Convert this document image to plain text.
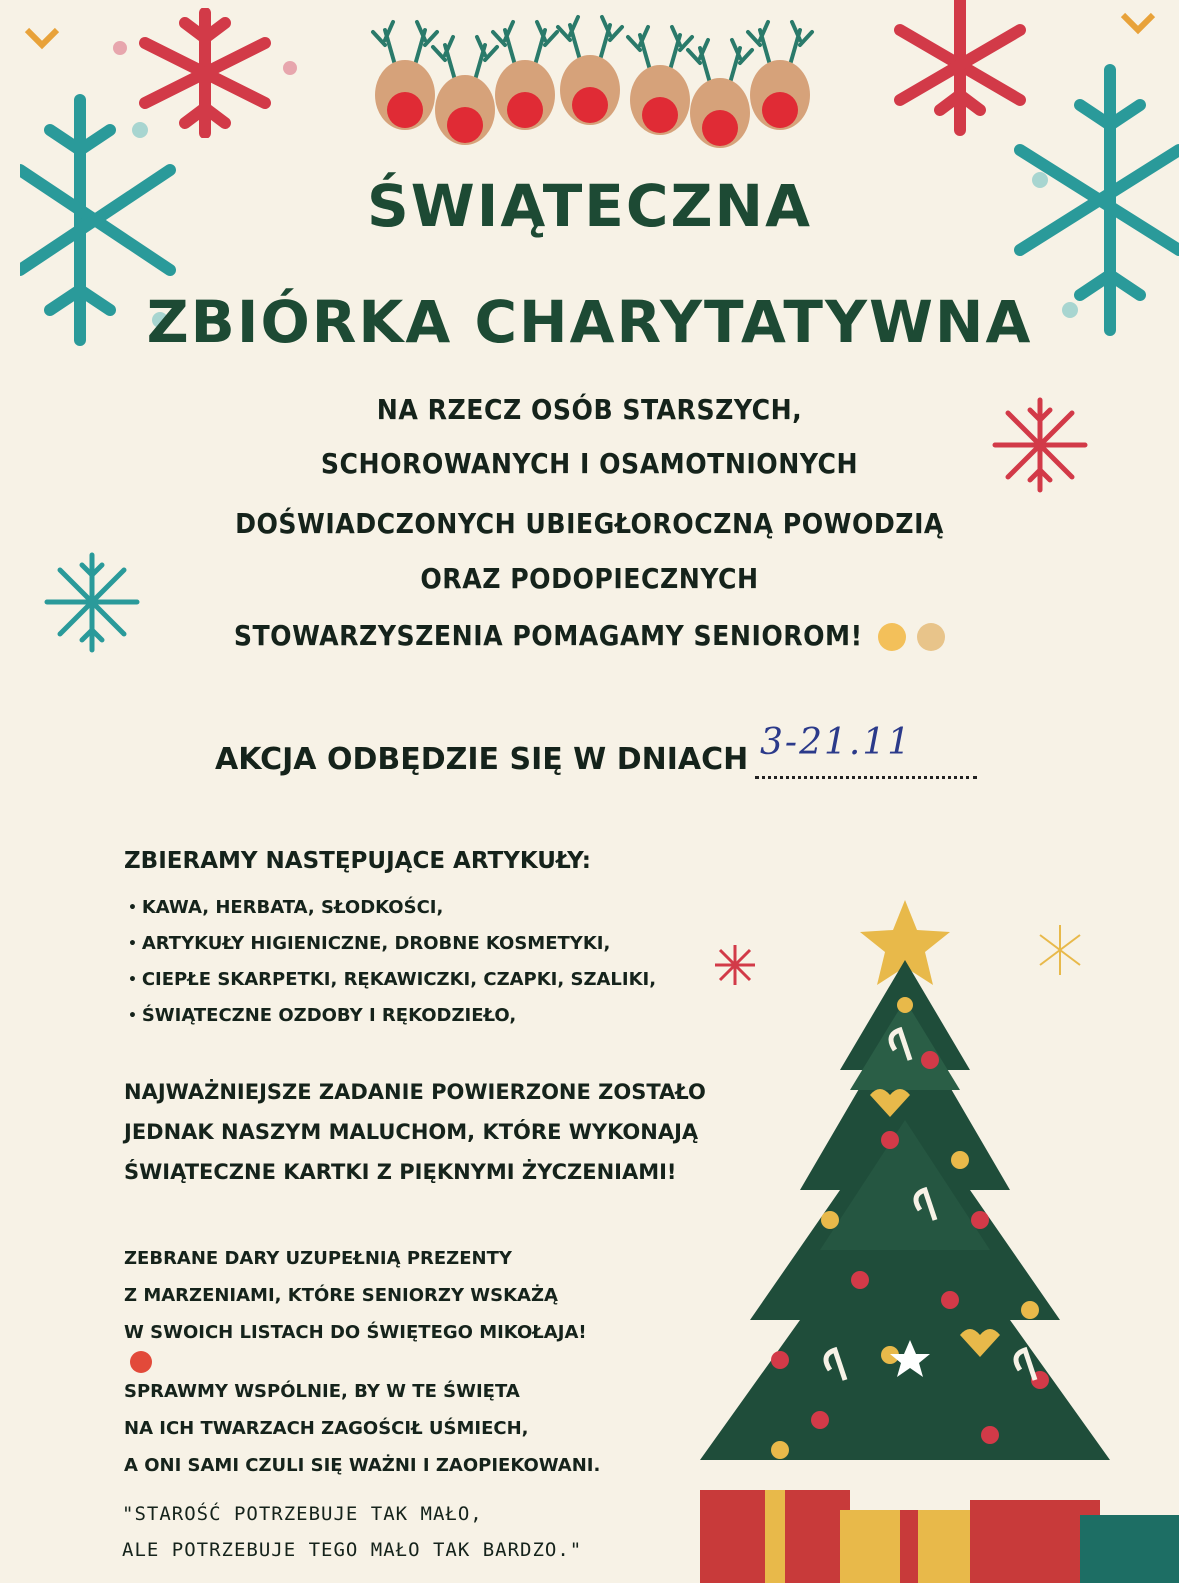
ŚWIĄTECZNA
ZBIÓRKA CHARYTATYWNA
NA RZECZ OSÓB STARSZYCH,
SCHOROWANYCH I OSAMOTNIONYCH
DOŚWIADCZONYCH UBIEGŁOROCZNĄ POWODZIĄ
ORAZ PODOPIECZNYCH
STOWARZYSZENIA POMAGAMY SENIOROM!
AKCJA ODBĘDZIE SIĘ W DNIACH 3-21.11
ZBIERAMY NASTĘPUJĄCE ARTYKUŁY:
• KAWA, HERBATA, SŁODKOŚCI,
• ARTYKUŁY HIGIENICZNE, DROBNE KOSMETYKI,
• CIEPŁE SKARPETKI, RĘKAWICZKI, CZAPKI, SZALIKI,
• ŚWIĄTECZNE OZDOBY I RĘKODZIEŁO,
NAJWAŻNIEJSZE ZADANIE POWIERZONE ZOSTAŁO
JEDNAK NASZYM MALUCHOM, KTÓRE WYKONAJĄ
ŚWIĄTECZNE KARTKI Z PIĘKNYMI ŻYCZENIAMI!
ZEBRANE DARY UZUPEŁNIĄ PREZENTY
Z MARZENIAMI, KTÓRE SENIORZY WSKAŻĄ
W SWOICH LISTACH DO ŚWIĘTEGO MIKOŁAJA!
SPRAWMY WSPÓLNIE, BY W TE ŚWIĘTA
NA ICH TWARZACH ZAGOŚCIŁ UŚMIECH,
A ONI SAMI CZULI SIĘ WAŻNI I ZAOPIEKOWANI.
"STAROŚĆ POTRZEBUJE TAK MAŁO,
ALE POTRZEBUJE TEGO MAŁO TAK BARDZO."
